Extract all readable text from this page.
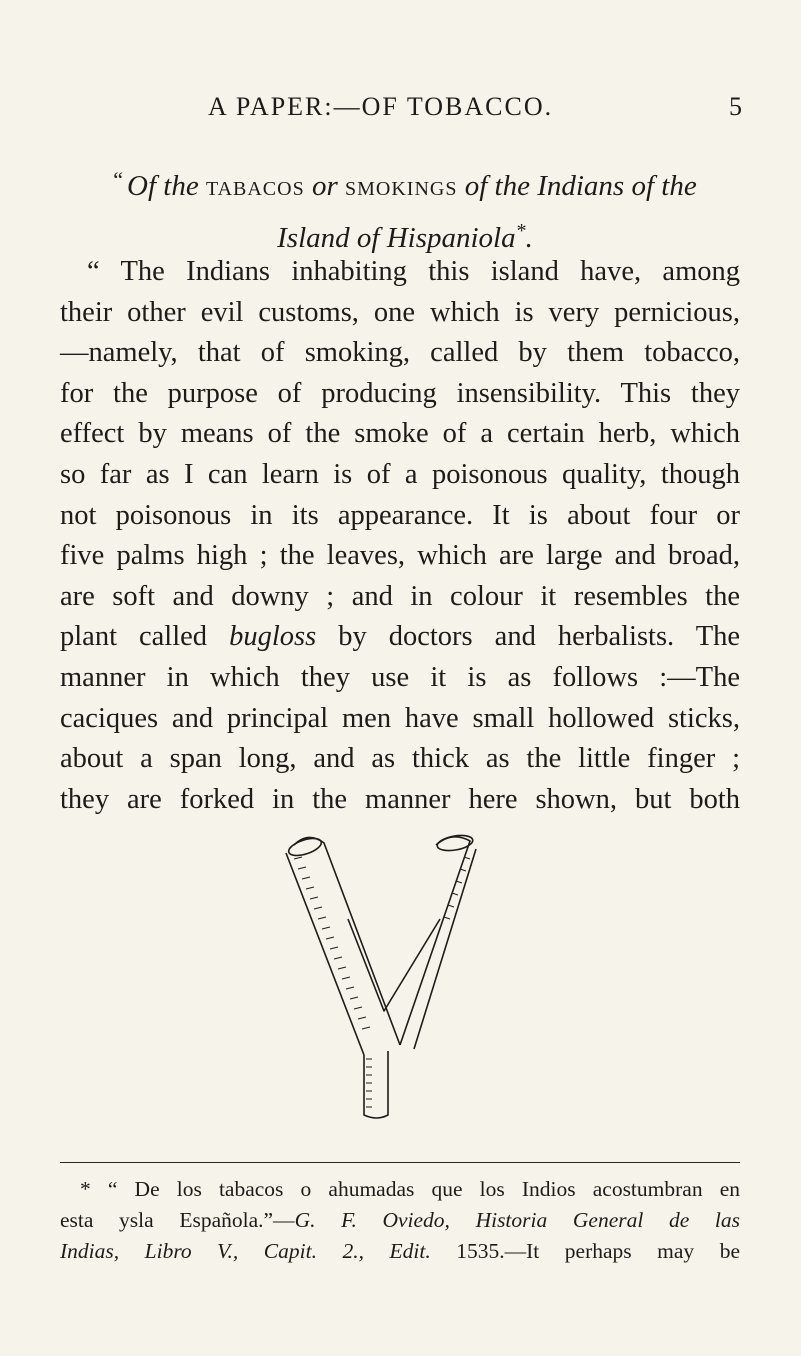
A PAPER:—OF TOBACCO.	5
“ Of the tabacos or smokings of the Indians of the
Island of Hispaniola*.
“ The Indians inhabiting this island have, among
their other evil customs, one which is very pernicious,
—namely, that of smoking, called by them tobacco,
for the purpose of producing insensibility. This they
effect by means of the smoke of a certain herb, which
so far as I can learn is of a poisonous quality, though
not poisonous in its appearance. It is about four or
five palms high ; the leaves, which are large and broad,
are soft and downy ; and in colour it resembles the
plant called bugloss by doctors and herbalists. The
manner in which they use it is as follows :—The
caciques and principal men have small hollowed sticks,
about a span long, and as thick as the little finger ;
they are forked in the manner here shown, but both
* “ De los tabacos o ahumadas que los Indios acostumbran en
esta ysla Española.”—G. F. Oviedo, Historia General de las
Indias, Libro V., Capit. 2., Edit. 1535.—It perhaps may be
